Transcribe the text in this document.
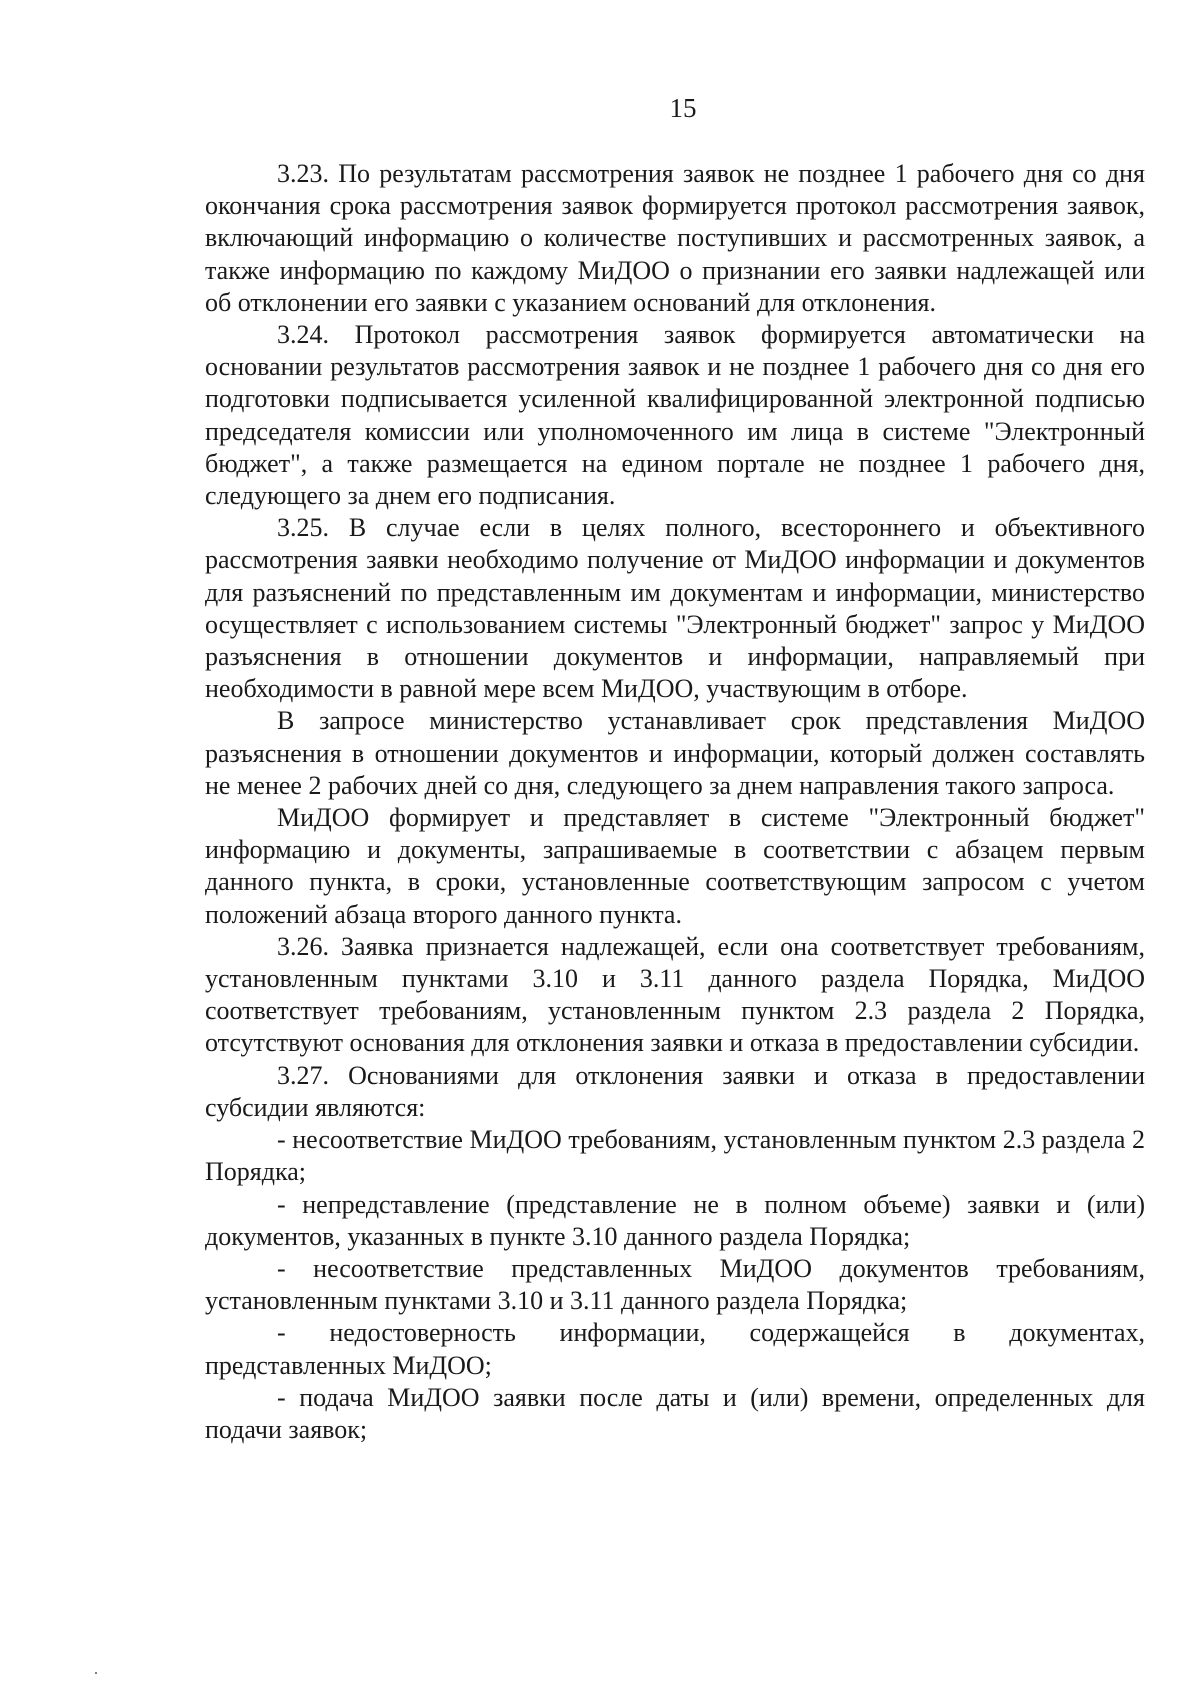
15

3.23. По результатам рассмотрения заявок не позднее 1 рабочего дня со дня окончания срока рассмотрения заявок формируется протокол рассмотрения заявок, включающий информацию о количестве поступивших и рассмотренных заявок, а также информацию по каждому МиДОО о признании его заявки надлежащей или об отклонении его заявки с указанием оснований для отклонения.

3.24. Протокол рассмотрения заявок формируется автоматически на основании результатов рассмотрения заявок и не позднее 1 рабочего дня со дня его подготовки подписывается усиленной квалифицированной электронной подписью председателя комиссии или уполномоченного им лица в системе "Электронный бюджет", а также размещается на едином портале не позднее 1 рабочего дня, следующего за днем его подписания.

3.25. В случае если в целях полного, всестороннего и объективного рассмотрения заявки необходимо получение от МиДОО информации и документов для разъяснений по представленным им документам и информации, министерство осуществляет с использованием системы "Электронный бюджет" запрос у МиДОО разъяснения в отношении документов и информации, направляемый при необходимости в равной мере всем МиДОО, участвующим в отборе.

В запросе министерство устанавливает срок представления МиДОО разъяснения в отношении документов и информации, который должен составлять не менее 2 рабочих дней со дня, следующего за днем направления такого запроса.

МиДОО формирует и представляет в системе "Электронный бюджет" информацию и документы, запрашиваемые в соответствии с абзацем первым данного пункта, в сроки, установленные соответствующим запросом с учетом положений абзаца второго данного пункта.

3.26. Заявка признается надлежащей, если она соответствует требованиям, установленным пунктами 3.10 и 3.11 данного раздела Порядка, МиДОО соответствует требованиям, установленным пунктом 2.3 раздела 2 Порядка, отсутствуют основания для отклонения заявки и отказа в предоставлении субсидии.

3.27. Основаниями для отклонения заявки и отказа в предоставлении субсидии являются:

- несоответствие МиДОО требованиям, установленным пунктом 2.3 раздела 2 Порядка;

- непредставление (представление не в полном объеме) заявки и (или) документов, указанных в пункте 3.10 данного раздела Порядка;

- несоответствие представленных МиДОО документов требованиям, установленным пунктами 3.10 и 3.11 данного раздела Порядка;

- недостоверность информации, содержащейся в документах, представленных МиДОО;

- подача МиДОО заявки после даты и (или) времени, определенных для подачи заявок;
